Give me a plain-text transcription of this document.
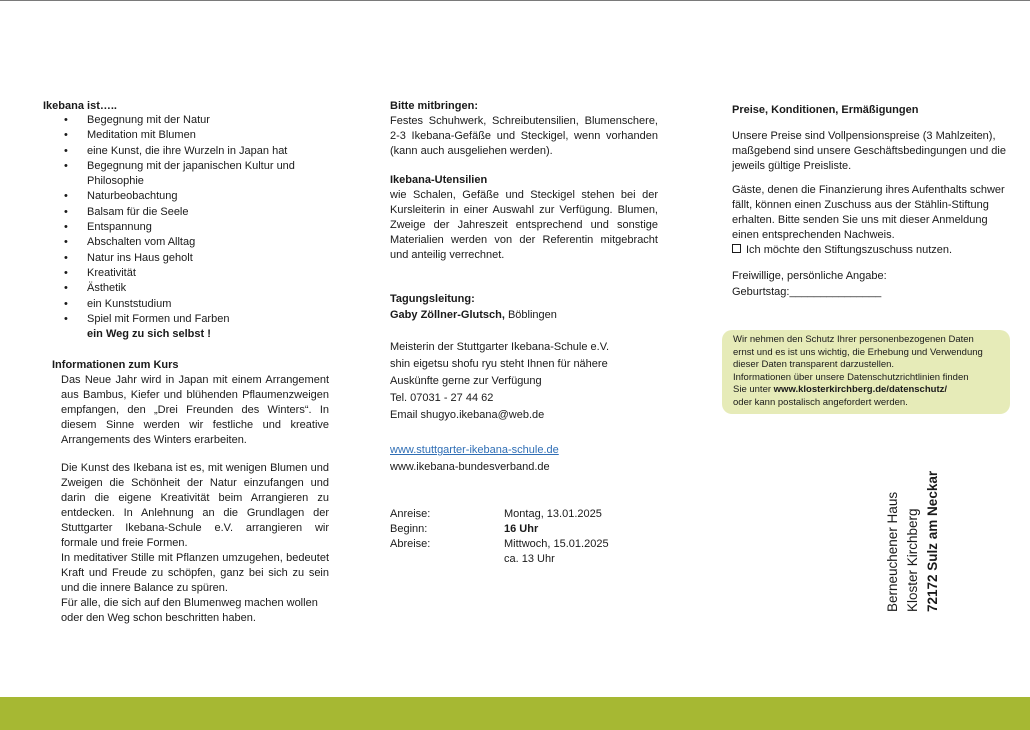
Ikebana ist…..
• Begegnung mit der Natur
• Meditation mit Blumen
• eine Kunst, die ihre Wurzeln in Japan hat
• Begegnung mit der japanischen Kultur und Philosophie
• Naturbeobachtung
• Balsam für die Seele
• Entspannung
• Abschalten vom Alltag
• Natur ins Haus geholt
• Kreativität
• Ästhetik
• ein Kunststudium
• Spiel mit Formen und Farben
ein Weg zu sich selbst !
Informationen zum Kurs
Das Neue Jahr wird in Japan mit einem Arrangement aus Bambus, Kiefer und blühenden Pflaumenzweigen empfangen, den „Drei Freunden des Winters“. In diesem Sinne werden wir festliche und kreative Arrangements des Winters erarbeiten.
Die Kunst des Ikebana ist es, mit wenigen Blumen und Zweigen die Schönheit der Natur einzufangen und darin die eigene Kreativität beim Arrangieren zu entdecken. In Anlehnung an die Grundlagen der Stuttgarter Ikebana-Schule e.V. arrangieren wir formale und freie Formen.
In meditativer Stille mit Pflanzen umzugehen, bedeutet Kraft und Freude zu schöpfen, ganz bei sich zu sein und die innere Balance zu spüren.
Für alle, die sich auf den Blumenweg machen wollen oder den Weg schon beschritten haben.
Bitte mitbringen:
Festes Schuhwerk, Schreibutensilien, Blumenschere, 2-3 Ikebana-Gefäße und Steckigel, wenn vorhanden (kann auch ausgeliehen werden).
Ikebana-Utensilien
wie Schalen, Gefäße und Steckigel stehen bei der Kursleiterin in einer Auswahl zur Verfügung. Blumen, Zweige der Jahreszeit entsprechend und sonstige Materialien werden von der Referentin mitgebracht und anteilig verrechnet.
Tagungsleitung:
Gaby Zöllner-Glutsch, Böblingen
Meisterin der Stuttgarter Ikebana-Schule e.V.
shin eigetsu shofu ryu steht Ihnen für nähere
Auskünfte gerne zur Verfügung
Tel. 07031 - 27 44 62
Email shugyo.ikebana@web.de
www.stuttgarter-ikebana-schule.de
www.ikebana-bundesverband.de
Anreise:	Montag, 13.01.2025
Beginn:	16 Uhr
Abreise:	Mittwoch, 15.01.2025
ca. 13 Uhr
Preise, Konditionen, Ermäßigungen
Unsere Preise sind Vollpensionspreise (3 Mahlzeiten), maßgebend sind unsere Geschäftsbedingungen und die jeweils gültige Preisliste.
Gäste, denen die Finanzierung ihres Aufenthalts schwer fällt, können einen Zuschuss aus der Stählin-Stiftung erhalten. Bitte senden Sie uns mit dieser Anmeldung einen entsprechenden Nachweis.
Ich möchte den Stiftungszuschuss nutzen.
Freiwillige, persönliche Angabe:
Geburtstag:_______________
Wir nehmen den Schutz Ihrer personenbezogenen Daten
ernst und es ist uns wichtig, die Erhebung und Verwendung
dieser Daten transparent darzustellen.
Informationen über unsere Datenschutzrichtlinien finden
Sie unter www.klosterkirchberg.de/datenschutz/
oder kann postalisch angefordert werden.
Berneuchener Haus Kloster Kirchberg 72172 Sulz am Neckar
